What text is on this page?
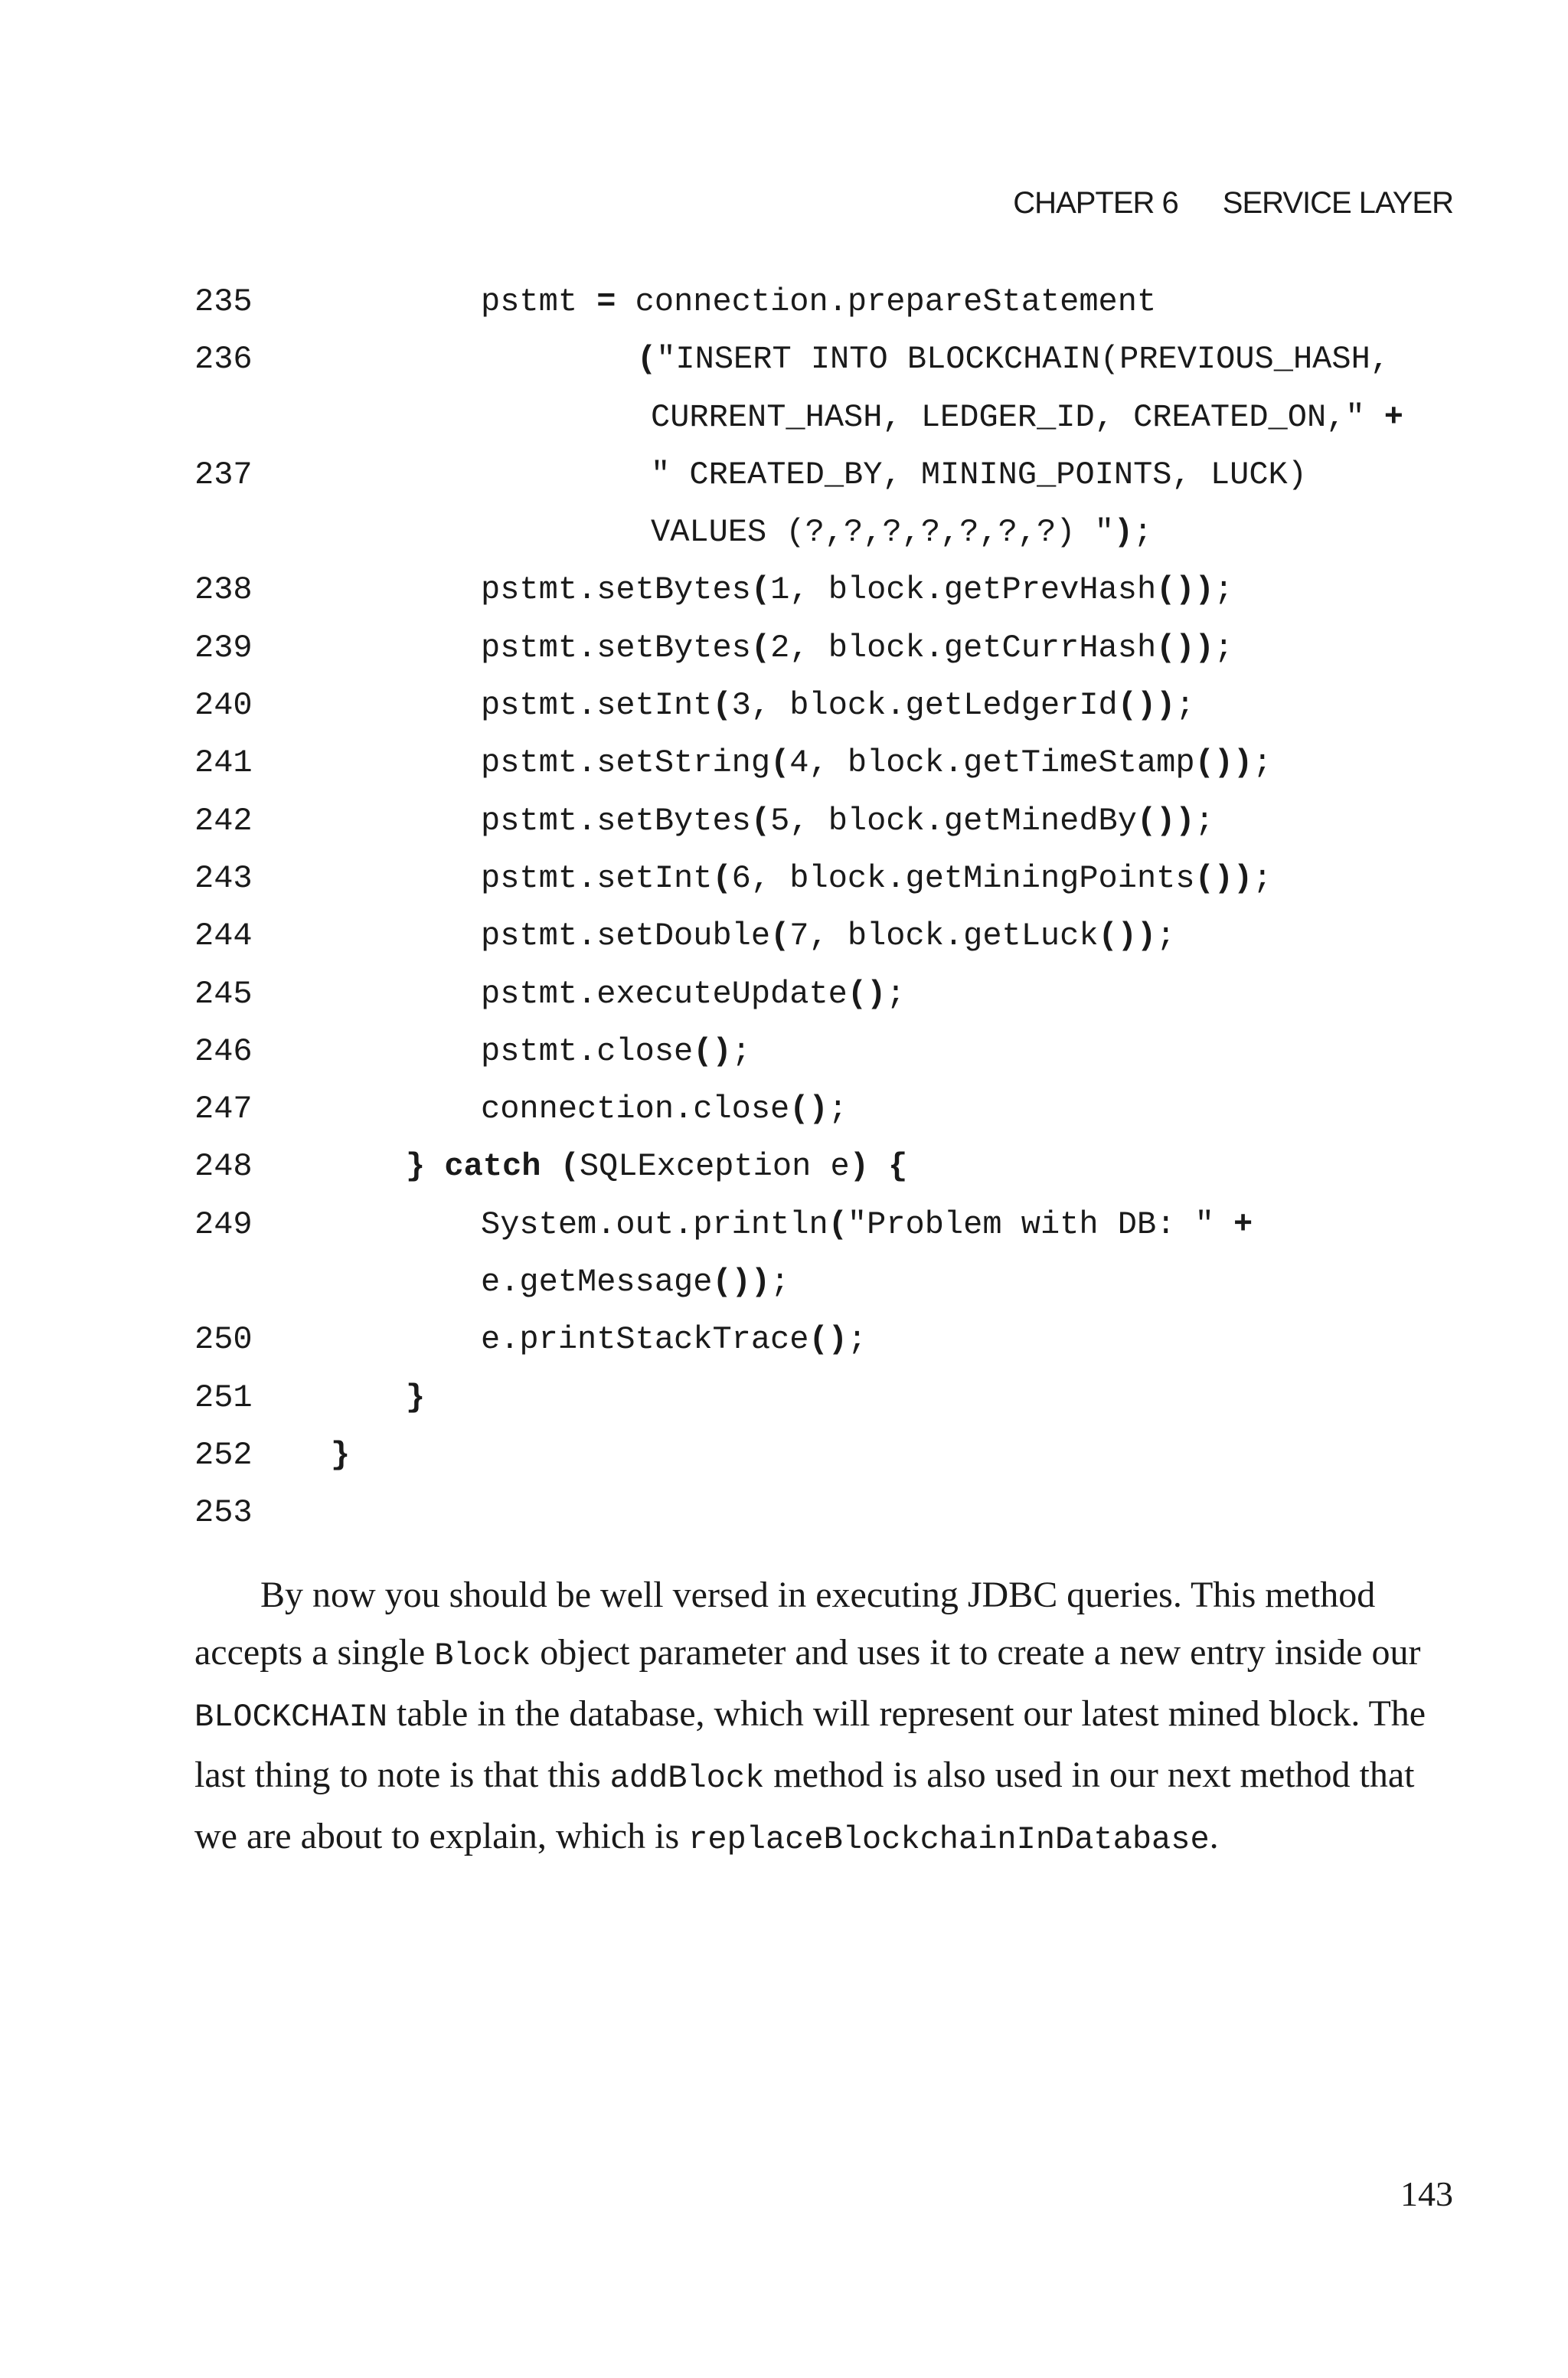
CHAPTER 6 SERVICE LAYER
235	pstmt = connection.prepareStatement
236	("INSERT INTO BLOCKCHAIN(PREVIOUS_HASH,
CURRENT_HASH, LEDGER_ID, CREATED_ON," +
237	" CREATED_BY, MINING_POINTS, LUCK)
VALUES (?,?,?,?,?,?,?) ");
238	pstmt.setBytes(1, block.getPrevHash());
239	pstmt.setBytes(2, block.getCurrHash());
240	pstmt.setInt(3, block.getLedgerId());
241	pstmt.setString(4, block.getTimeStamp());
242	pstmt.setBytes(5, block.getMinedBy());
243	pstmt.setInt(6, block.getMiningPoints());
244	pstmt.setDouble(7, block.getLuck());
245	pstmt.executeUpdate();
246	pstmt.close();
247	connection.close();
248	} catch (SQLException e) {
249	System.out.println("Problem with DB: " +
e.getMessage());
250	e.printStackTrace();
251	}
252 }
253

By now you should be well versed in executing JDBC queries. This method accepts a single Block object parameter and uses it to create a new entry inside our BLOCKCHAIN table in the database, which will represent our latest mined block. The last thing to note is that this addBlock method is also used in our next method that we are about to explain, which is replaceBlockchainInDatabase.

143
